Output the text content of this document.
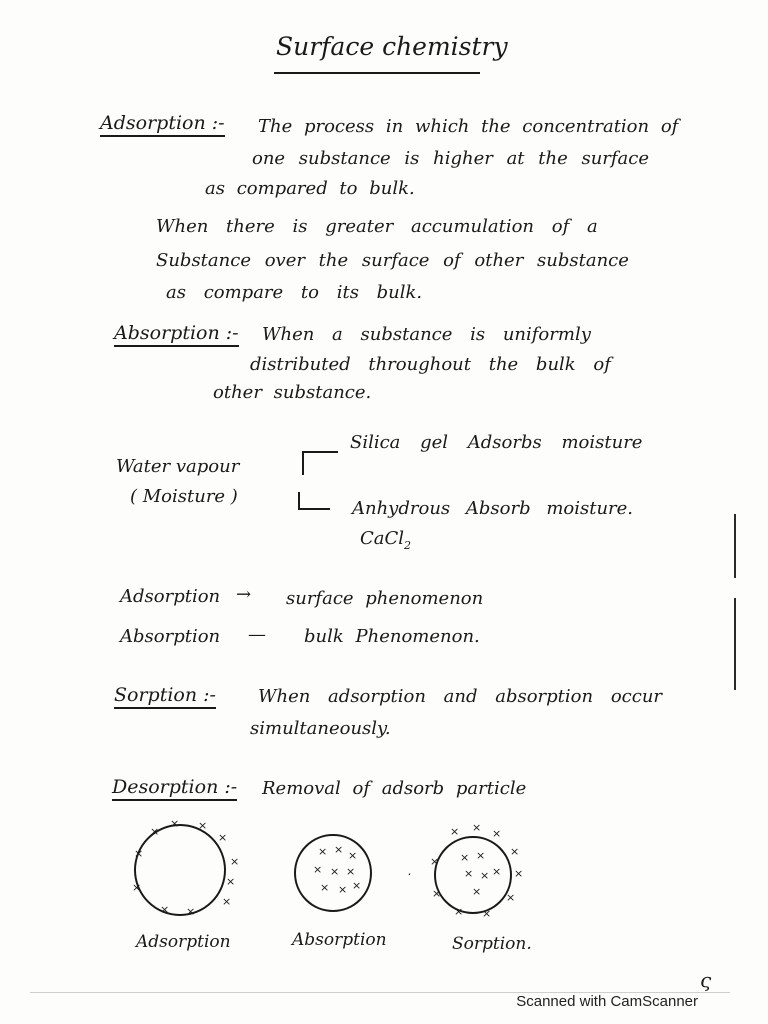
Surface chemistry
Adsorption :- The process in which the concentration of
one substance is higher at the surface
as compared to bulk.
When there is greater accumulation of a
Substance over the surface of other substance
as compare to its bulk.
Absorption :- When a substance is uniformly
distributed throughout the bulk of
other substance.
Water vapour
( Moisture )
Silica gel Adsorbs moisture
Anhydrous Absorb moisture.
CaCl$_2$
Adsorption → surface phenomenon
Absorption — bulk Phenomenon.
Sorption :- When adsorption and absorption occur
simultaneously.
Desorption :- Removal of adsorb particle
×
× ×
×
×
×
×
×
×
×
×	× × ×
× × ×
× × ×
× × ×
×
×
×
×
×
×
× × ×
× × ×
×
.
Adsorption	Absorption	Sorption.
ς
Scanned with CamScanner
